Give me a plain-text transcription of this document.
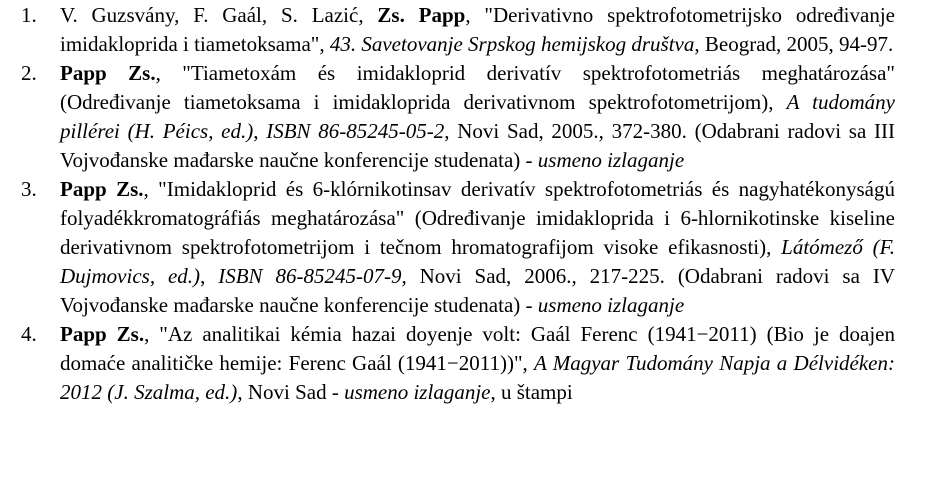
1. V. Guzsvány, F. Gaál, S. Lazić, Zs. Papp, "Derivativno spektrofotometrijsko određivanje imidakloprida i tiametoksama", 43. Savetovanje Srpskog hemijskog društva, Beograd, 2005, 94-97.
2. Papp Zs., "Tiametoxám és imidakloprid derivatív spektrofotometriás meghatározása" (Određivanje tiametoksama i imidakloprida derivativnom spektrofotometrijom), A tudomány pillérei (H. Péics, ed.), ISBN 86-85245-05-2, Novi Sad, 2005., 372-380. (Odabrani radovi sa III Vojvođanske mađarske naučne konferencije studenata) - usmeno izlaganje
3. Papp Zs., "Imidakloprid és 6-klórnikotinsav derivatív spektrofotometriás és nagyhatékonyságú folyadékkromatográfiás meghatározása" (Određivanje imidakloprida i 6-hlornikotinske kiseline derivativnom spektrofotometrijom i tečnom hromatografijom visoke efikasnosti), Látómező (F. Dujmovics, ed.), ISBN 86-85245-07-9, Novi Sad, 2006., 217-225. (Odabrani radovi sa IV Vojvođanske mađarske naučne konferencije studenata) - usmeno izlaganje
4. Papp Zs., "Az analitikai kémia hazai doyenje volt: Gaál Ferenc (1941−2011) (Bio je doajen domaće analitičke hemije: Ferenc Gaál (1941−2011))", A Magyar Tudomány Napja a Délvidéken: 2012 (J. Szalma, ed.), Novi Sad - usmeno izlaganje, u štampi
